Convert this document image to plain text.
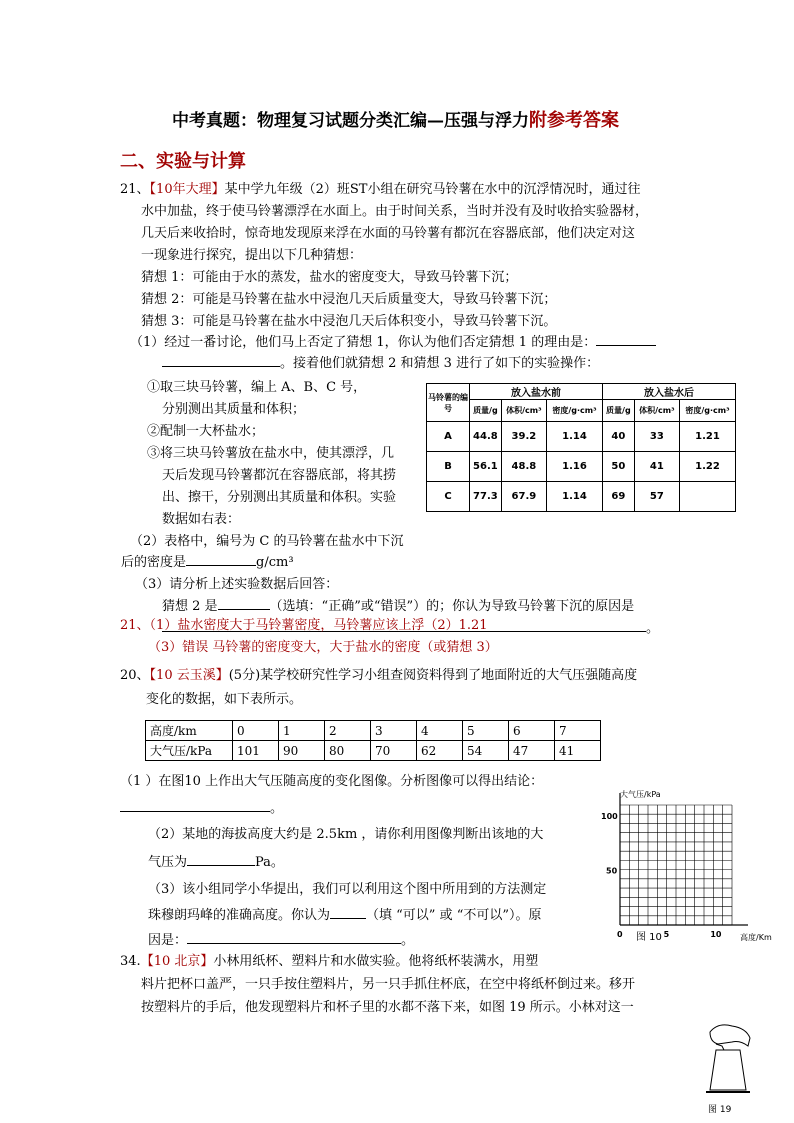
中考真题：物理复习试题分类汇编—压强与浮力附参考答案
二、实验与计算
21、【10年大理】某中学九年级（2）班ST小组在研究马铃薯在水中的沉浮情况时，通过往
水中加盐，终于使马铃薯漂浮在水面上。由于时间关系，当时并没有及时收拾实验器材，
几天后来收拾时，惊奇地发现原来浮在水面的马铃薯有都沉在容器底部，他们决定对这
一现象进行探究，提出以下几种猜想：
猜想 1：可能由于水的蒸发，盐水的密度变大，导致马铃薯下沉；
猜想 2：可能是马铃薯在盐水中浸泡几天后质量变大，导致马铃薯下沉；
猜想 3：可能是马铃薯在盐水中浸泡几天后体积变小，导致马铃薯下沉。
（1）经过一番讨论，他们马上否定了猜想 1，你认为他们否定猜想 1 的理由是：
。接着他们就猜想 2 和猜想 3 进行了如下的实验操作：
①取三块马铃薯，编上 A、B、C 号，
分别测出其质量和体积；
②配制一大杯盐水；
③将三块马铃薯放在盐水中，使其漂浮，几
天后发现马铃薯都沉在容器底部，将其捞
出、擦干，分别测出其质量和体积。实验
数据如右表：
（2）表格中，编号为 C 的马铃薯在盐水中下沉
后的密度是	g/cm³
（3）请分析上述实验数据后回答：
猜想 2 是	（选填：“正确”或“错误”）的；你认为导致马铃薯下沉的原因是
。
马铃薯的编号	放入盐水前			放入盐水后		
	质量/g	体积/cm³	密度/g·cm³	质量/g	体积/cm³	密度/g·cm³
A	44.8	39.2	1.14	40	33	1.21
B	56.1	48.8	1.16	50	41	1.22
C	77.3	67.9	1.14	69	57	
21、（1）盐水密度大于马铃薯密度，马铃薯应该上浮（2）1.21
（3）错误 马铃薯的密度变大，大于盐水的密度（或猜想 3）
20、【10 云玉溪】(5分)某学校研究性学习小组查阅资料得到了地面附近的大气压强随高度
变化的数据，如下表所示。
高度/km	0	1	2	3	4	5	6	7
大气压/kPa	101	90	80	70	62	54	47	41
（1 ）在图10 上作出大气压随高度的变化图像。分析图像可以得出结论：
。
（2）某地的海拔高度大约是 2.5km ，请你利用图像判断出该地的大
气压为	Pa。
（3）该小组同学小华提出，我们可以利用这个图中所用到的方法测定
珠穆朗玛峰的准确高度。你认为	（填 “可以” 或 “不可以”）。原
因是：	。
大气压/kPa
0	5	10
50
100
高度/Km
图 10
34.【10 北京】小林用纸杯、塑料片和水做实验。他将纸杯装满水，用塑
料片把杯口盖严，一只手按住塑料片，另一只手抓住杯底，在空中将纸杯倒过来。移开
按塑料片的手后，他发现塑料片和杯子里的水都不落下来，如图 19 所示。小林对这一
图 19
